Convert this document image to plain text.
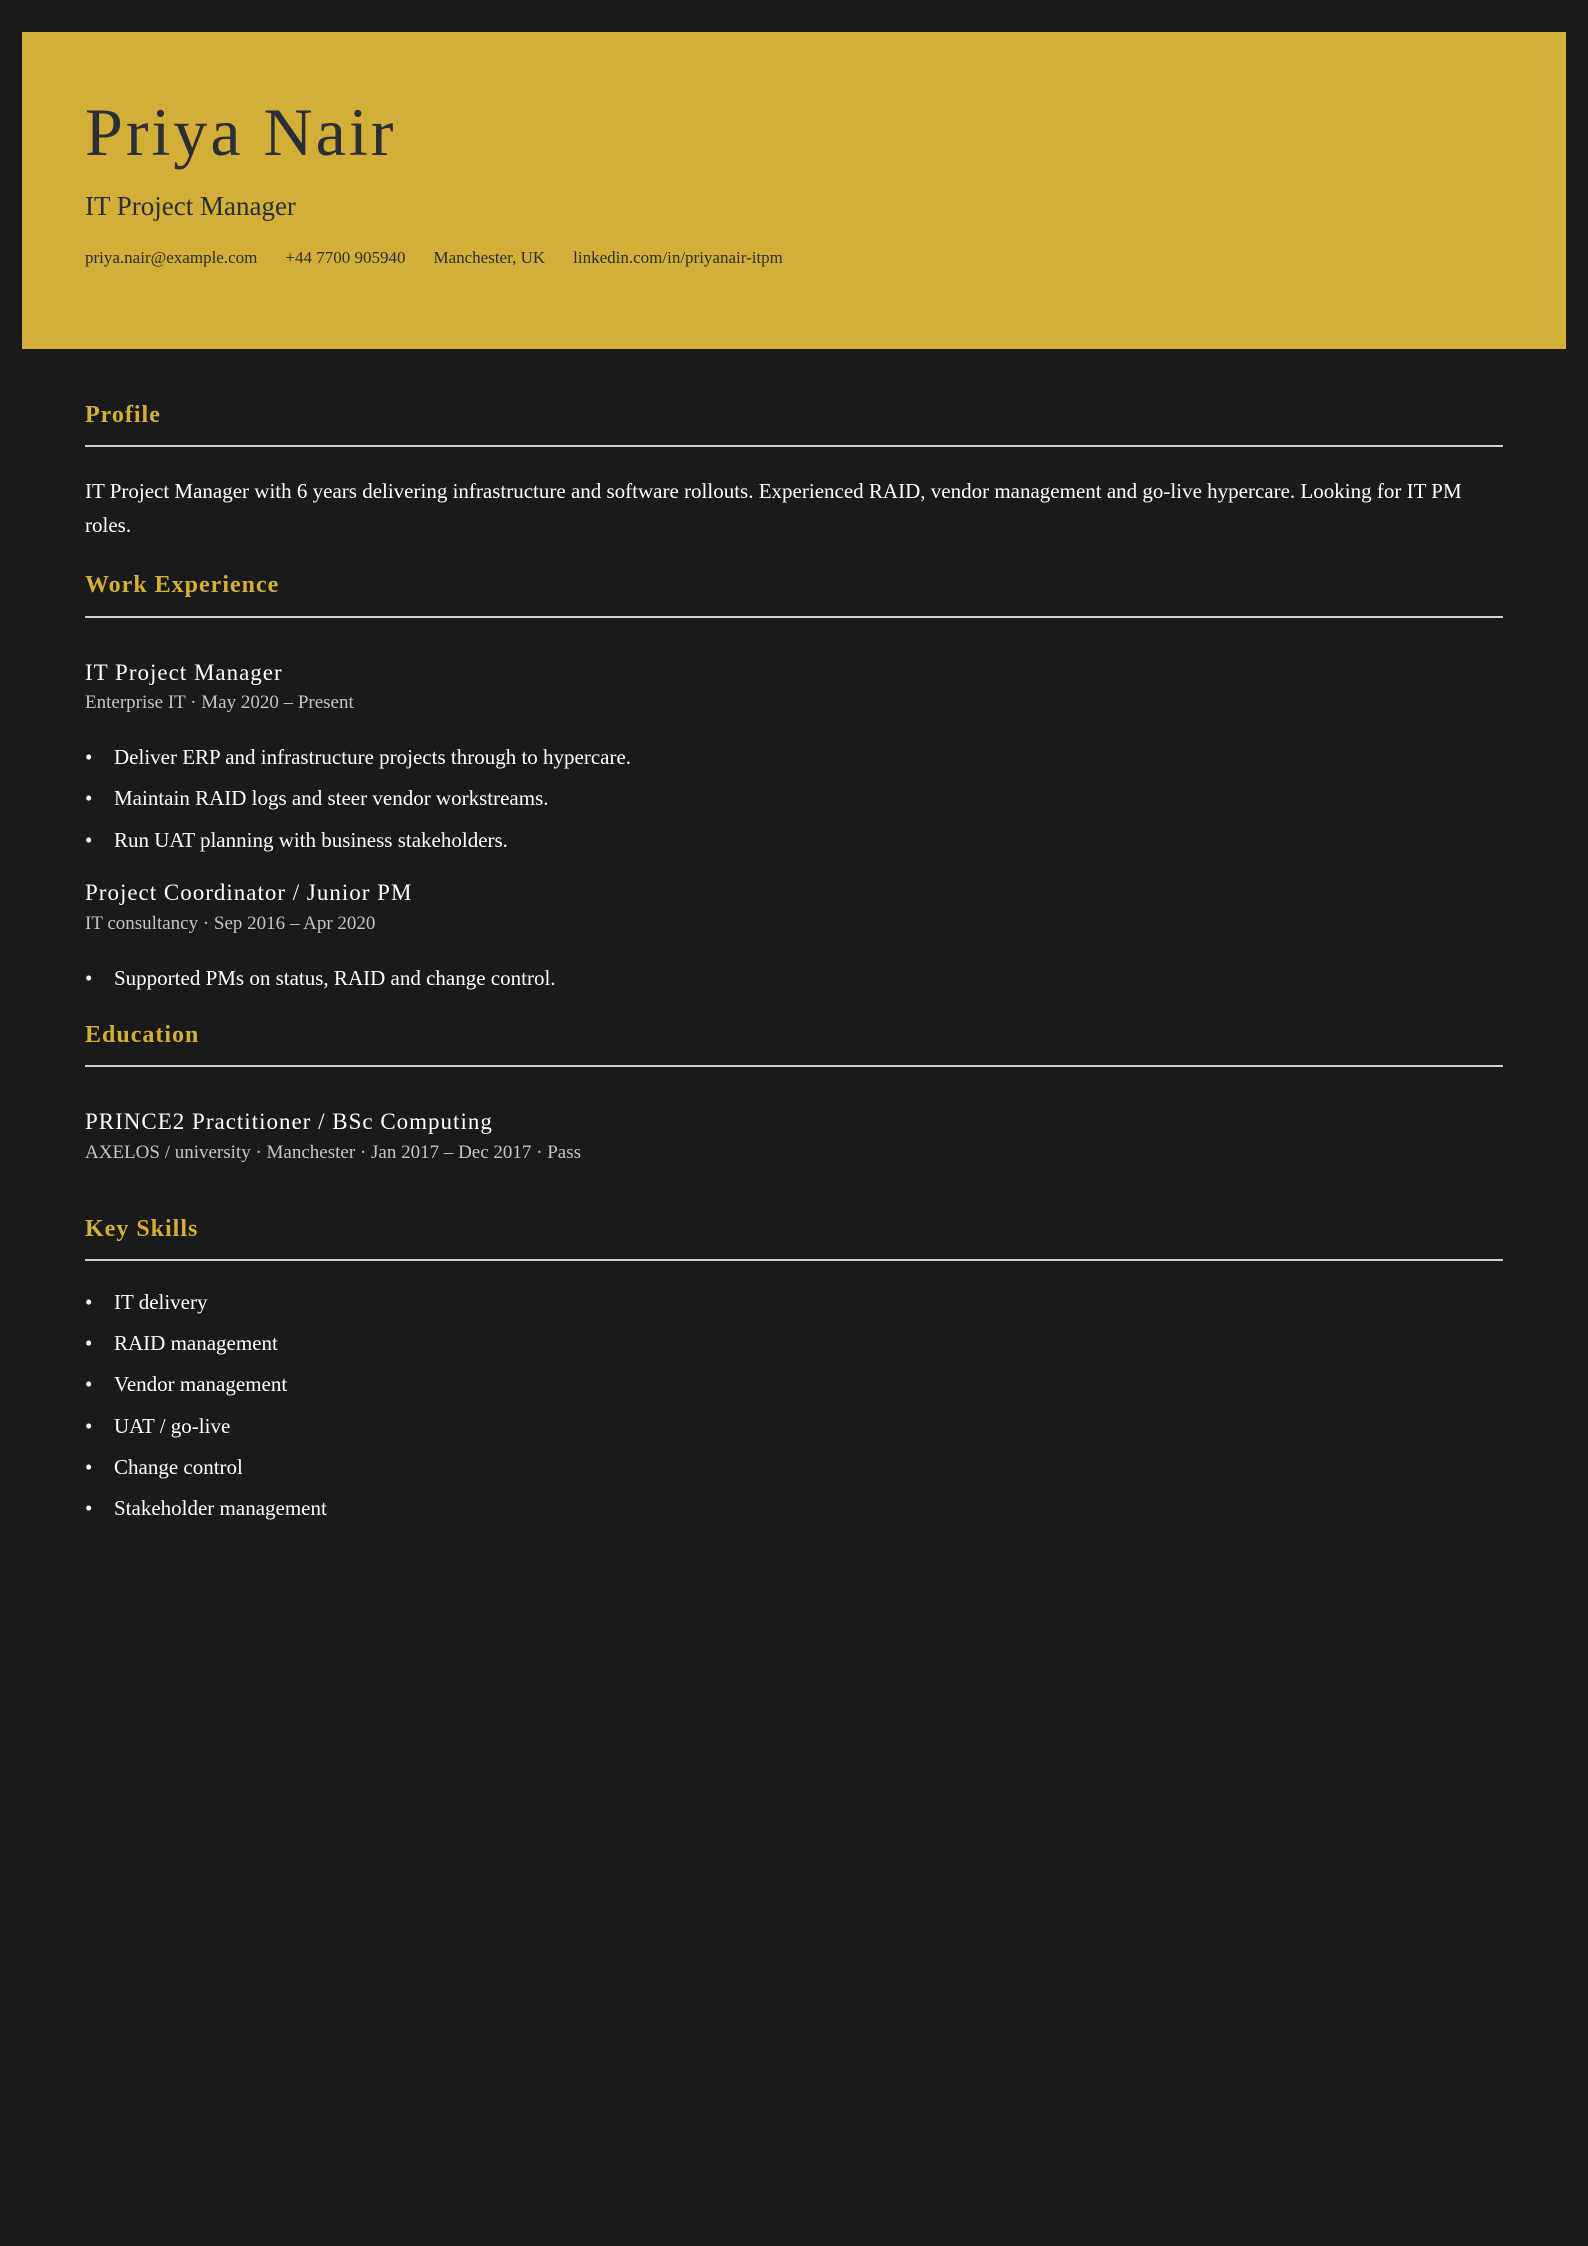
Priya Nair
IT Project Manager
priya.nair@example.com +44 7700 905940 Manchester, UK linkedin.com/in/priyanair-itpm
Profile

IT Project Manager with 6 years delivering infrastructure and software rollouts. Experienced RAID, vendor management and go-live hypercare. Looking for IT PM roles.

Work Experience
IT Project Manager
Enterprise IT · May 2020 – Present
• Deliver ERP and infrastructure projects through to hypercare.
• Maintain RAID logs and steer vendor workstreams.
• Run UAT planning with business stakeholders.
Project Coordinator / Junior PM
IT consultancy · Sep 2016 – Apr 2020
• Supported PMs on status, RAID and change control.
Education
PRINCE2 Practitioner / BSc Computing
AXELOS / university · Manchester · Jan 2017 – Dec 2017 · Pass
Key Skills
• IT delivery
• RAID management
• Vendor management
• UAT / go-live
• Change control
• Stakeholder management
